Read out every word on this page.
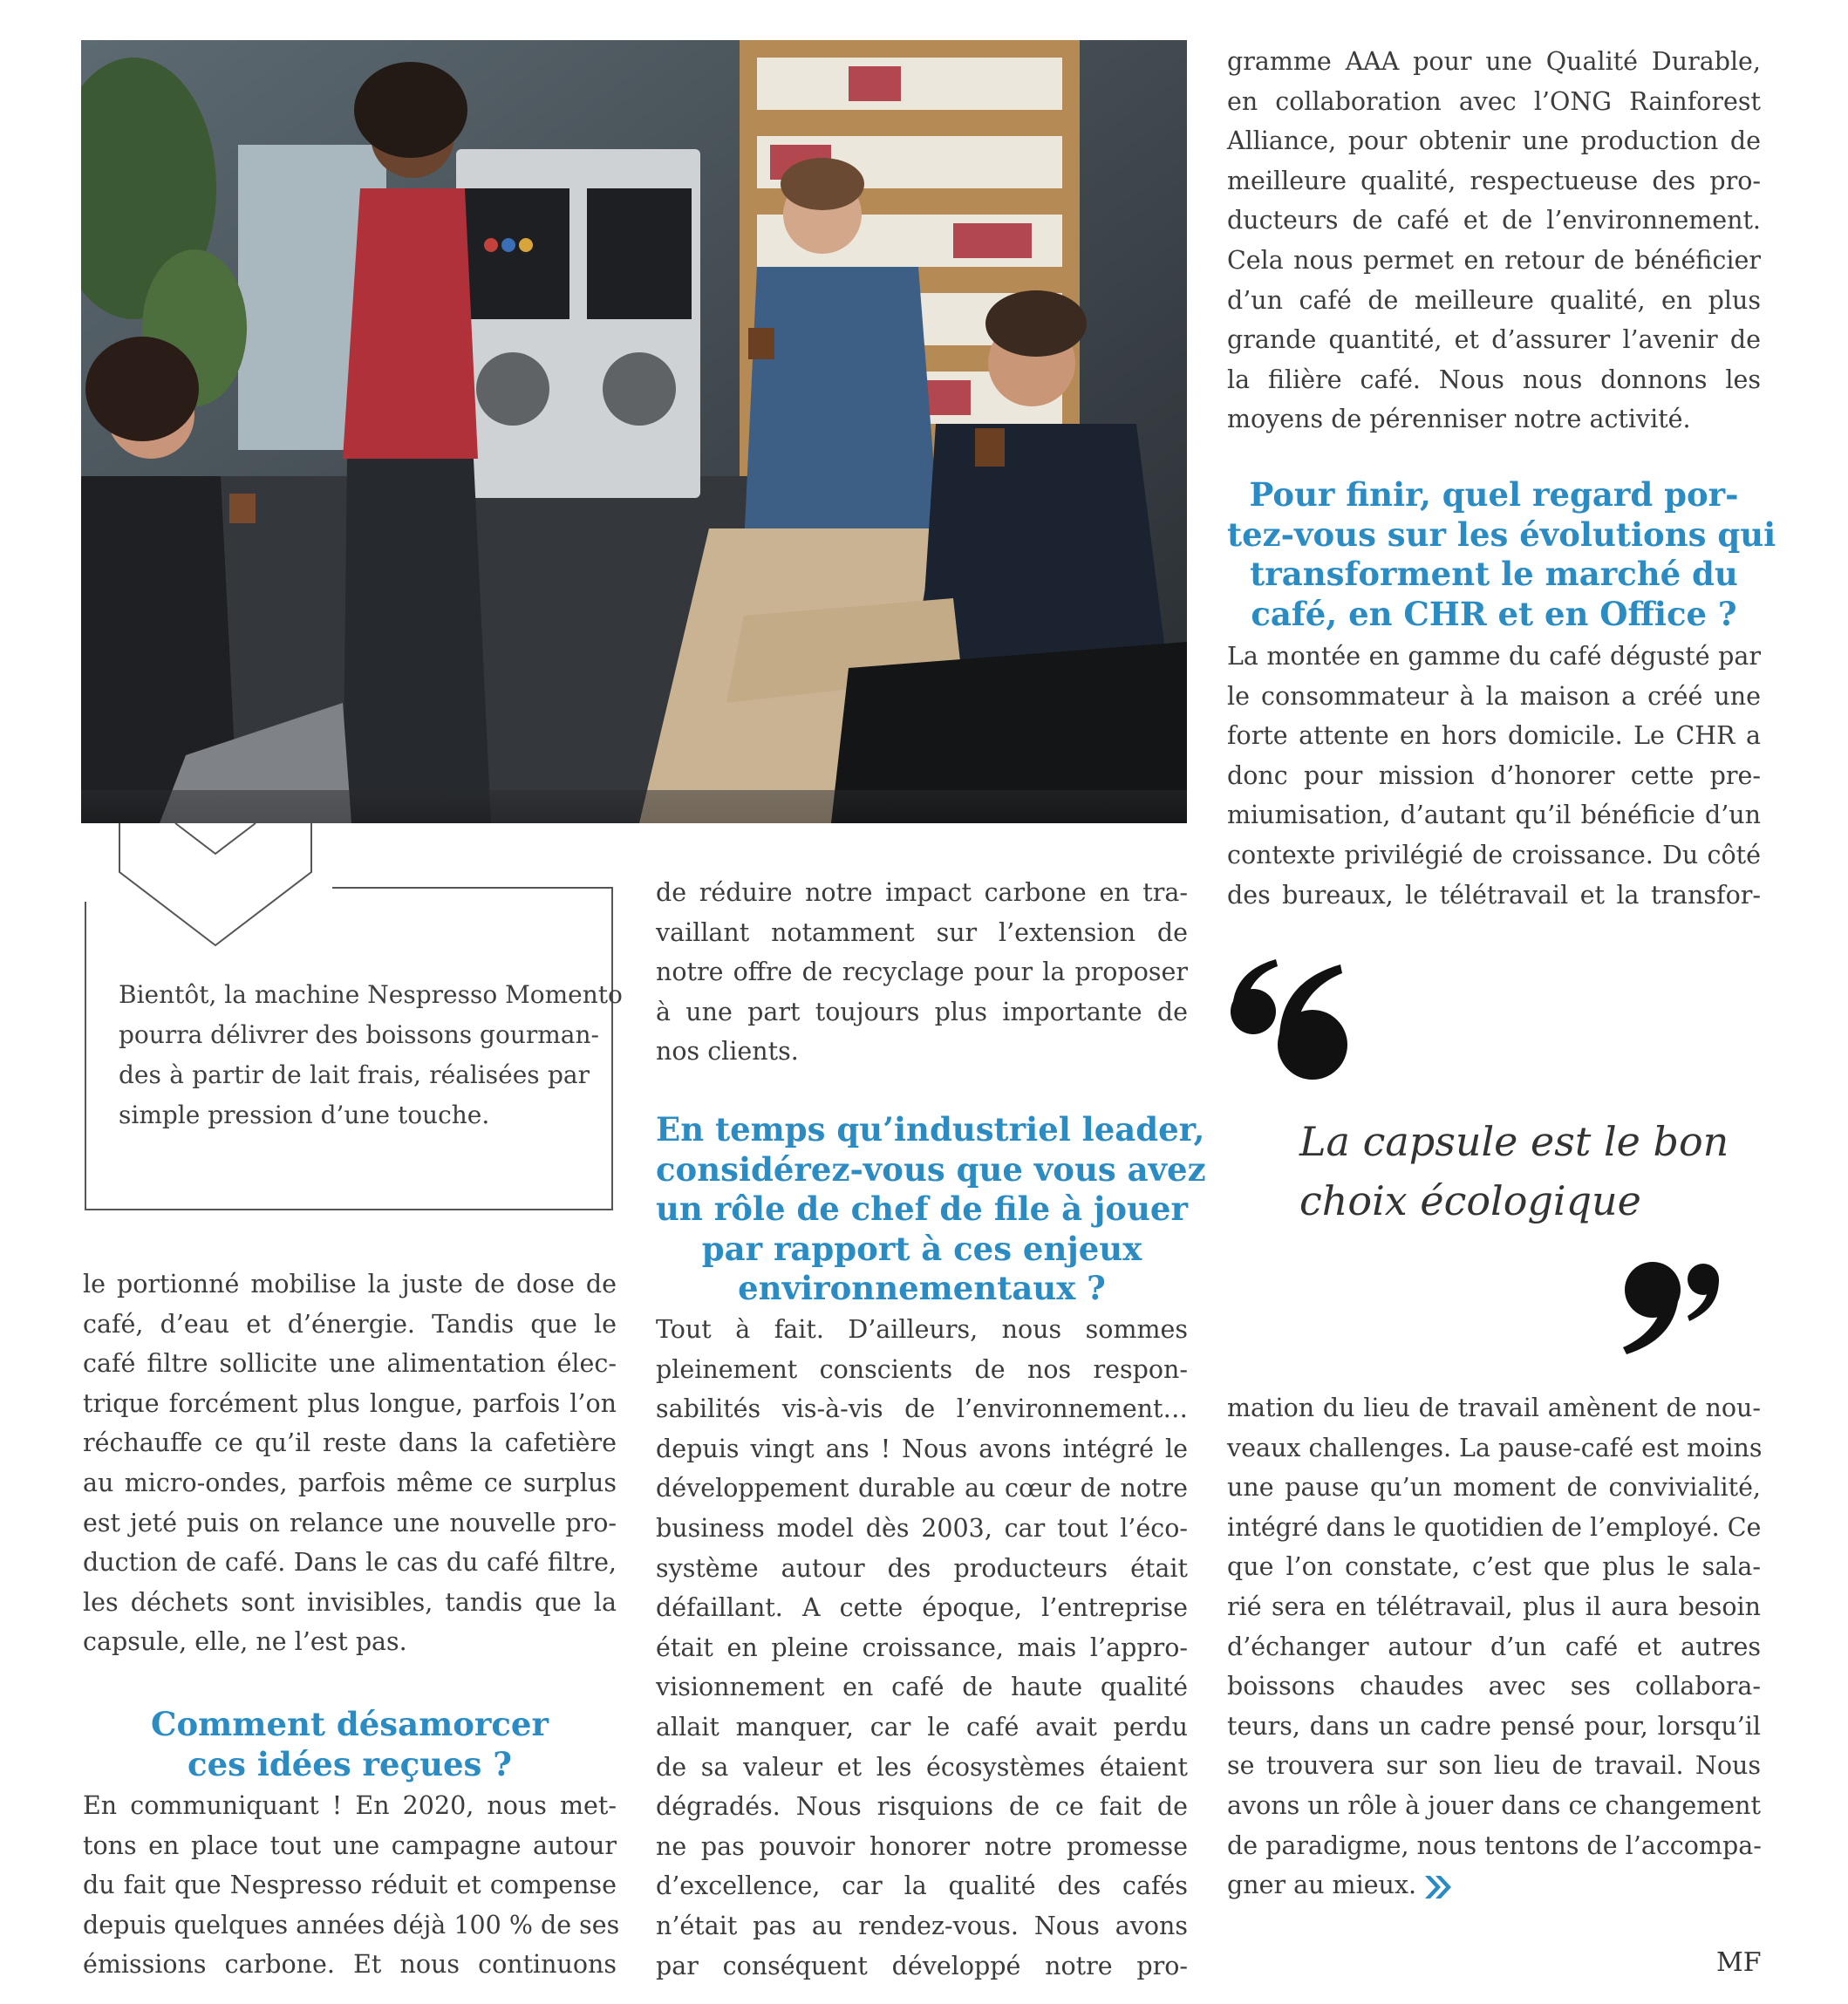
Bientôt, la machine Nespresso Momento
pourra délivrer des boissons gourman-
des à partir de lait frais, réalisées par
simple pression d’une touche.

le portionné mobilise la juste de dose de
café, d’eau et d’énergie. Tandis que le
café filtre sollicite une alimentation élec-
trique forcément plus longue, parfois l’on
réchauffe ce qu’il reste dans la cafetière
au micro-ondes, parfois même ce surplus
est jeté puis on relance une nouvelle pro-
duction de café. Dans le cas du café filtre,
les déchets sont invisibles, tandis que la
capsule, elle, ne l’est pas.

Comment désamorcer
ces idées reçues ?

En communiquant ! En 2020, nous met-
tons en place tout une campagne autour
du fait que Nespresso réduit et compense
depuis quelques années déjà 100 % de ses
émissions carbone. Et nous continuons

de réduire notre impact carbone en tra-
vaillant notamment sur l’extension de
notre offre de recyclage pour la proposer
à une part toujours plus importante de
nos clients.

En temps qu’industriel leader,
considérez-vous que vous avez
un rôle de chef de file à jouer
par rapport à ces enjeux
environnementaux ?

Tout à fait. D’ailleurs, nous sommes
pleinement conscients de nos respon-
sabilités vis-à-vis de l’environnement…
depuis vingt ans ! Nous avons intégré le
développement durable au cœur de notre
business model dès 2003, car tout l’éco-
système autour des producteurs était
défaillant. A cette époque, l’entreprise
était en pleine croissance, mais l’appro-
visionnement en café de haute qualité
allait manquer, car le café avait perdu
de sa valeur et les écosystèmes étaient
dégradés. Nous risquions de ce fait de
ne pas pouvoir honorer notre promesse
d’excellence, car la qualité des cafés
n’était pas au rendez-vous. Nous avons
par conséquent développé notre pro-

gramme AAA pour une Qualité Durable,
en collaboration avec l’ONG Rainforest
Alliance, pour obtenir une production de
meilleure qualité, respectueuse des pro-
ducteurs de café et de l’environnement.
Cela nous permet en retour de bénéficier
d’un café de meilleure qualité, en plus
grande quantité, et d’assurer l’avenir de
la filière café. Nous nous donnons les
moyens de pérenniser notre activité.

Pour finir, quel regard por-
tez-vous sur les évolutions qui
transforment le marché du
café, en CHR et en Office ?

La montée en gamme du café dégusté par
le consommateur à la maison a créé une
forte attente en hors domicile. Le CHR a
donc pour mission d’honorer cette pre-
miumisation, d’autant qu’il bénéficie d’un
contexte privilégié de croissance. Du côté
des bureaux, le télétravail et la transfor-

La capsule est le bon
choix écologique

mation du lieu de travail amènent de nou-
veaux challenges. La pause-café est moins
une pause qu’un moment de convivialité,
intégré dans le quotidien de l’employé. Ce
que l’on constate, c’est que plus le sala-
rié sera en télétravail, plus il aura besoin
d’échanger autour d’un café et autres
boissons chaudes avec ses collabora-
teurs, dans un cadre pensé pour, lorsqu’il
se trouvera sur son lieu de travail. Nous
avons un rôle à jouer dans ce changement
de paradigme, nous tentons de l’accompa-
gner au mieux.

MF
